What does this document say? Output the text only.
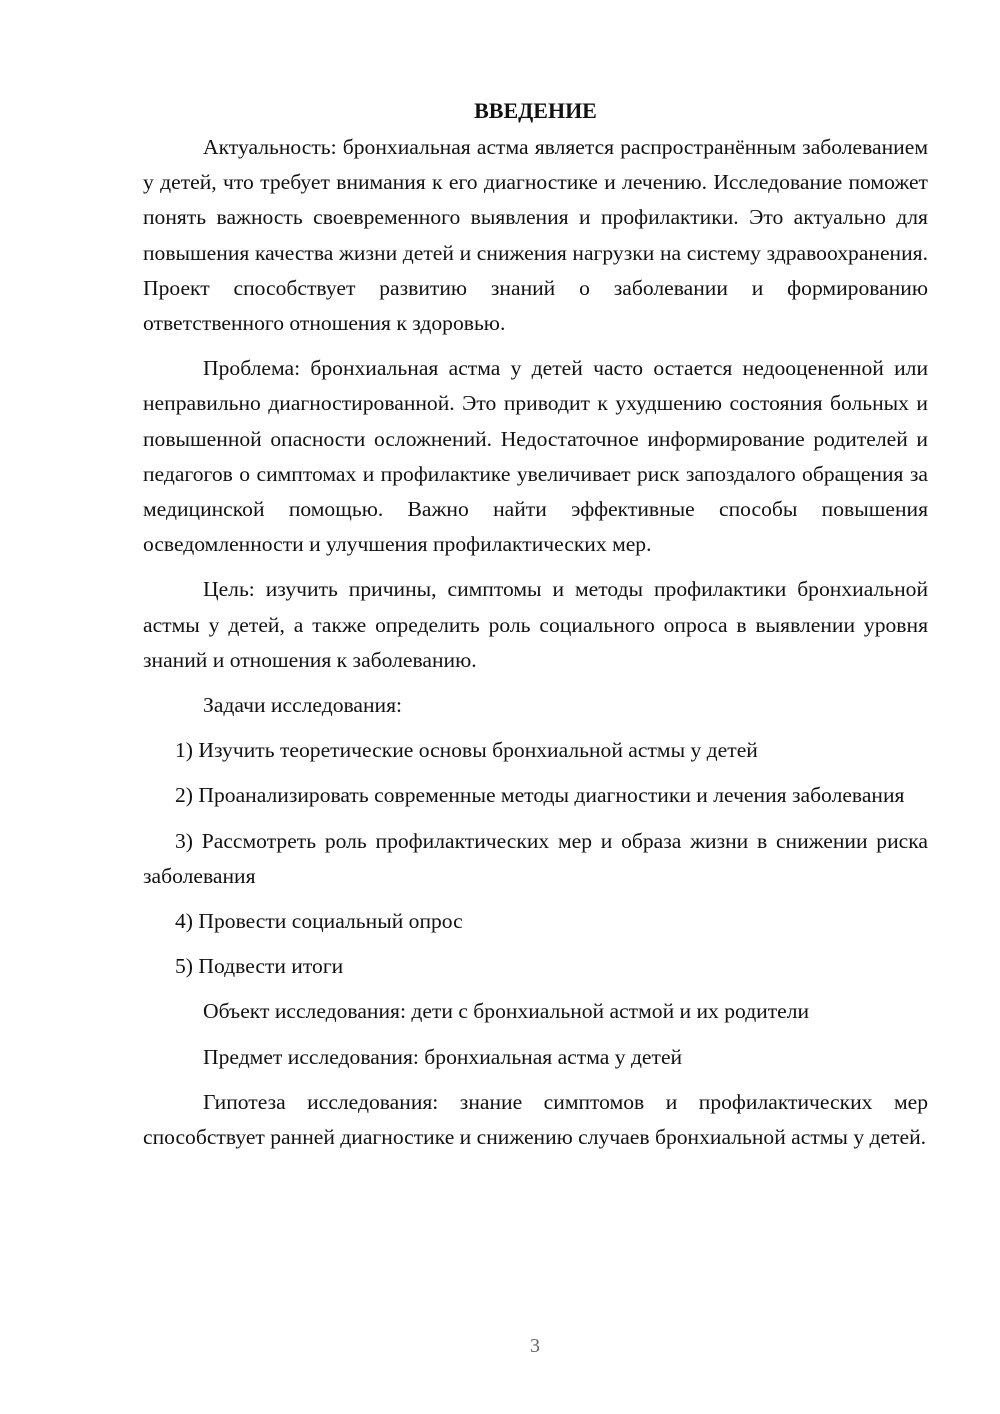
ВВЕДЕНИЕ

Актуальность: бронхиальная астма является распространённым заболеванием у детей, что требует внимания к его диагностике и лечению. Исследование поможет понять важность своевременного выявления и профилактики. Это актуально для повышения качества жизни детей и снижения нагрузки на систему здравоохранения. Проект способствует развитию знаний о заболевании и формированию ответственного отношения к здоровью.

Проблема: бронхиальная астма у детей часто остается недооцененной или неправильно диагностированной. Это приводит к ухудшению состояния больных и повышенной опасности осложнений. Недостаточное информирование родителей и педагогов о симптомах и профилактике увеличивает риск запоздалого обращения за медицинской помощью. Важно найти эффективные способы повышения осведомленности и улучшения профилактических мер.

Цель: изучить причины, симптомы и методы профилактики бронхиальной астмы у детей, а также определить роль социального опроса в выявлении уровня знаний и отношения к заболеванию.

Задачи исследования:

1) Изучить теоретические основы бронхиальной астмы у детей

2) Проанализировать современные методы диагностики и лечения заболевания

3) Рассмотреть роль профилактических мер и образа жизни в снижении риска заболевания

4) Провести социальный опрос

5) Подвести итоги

Объект исследования: дети с бронхиальной астмой и их родители

Предмет исследования: бронхиальная астма у детей

Гипотеза исследования: знание симптомов и профилактических мер способствует ранней диагностике и снижению случаев бронхиальной астмы у детей.

3
